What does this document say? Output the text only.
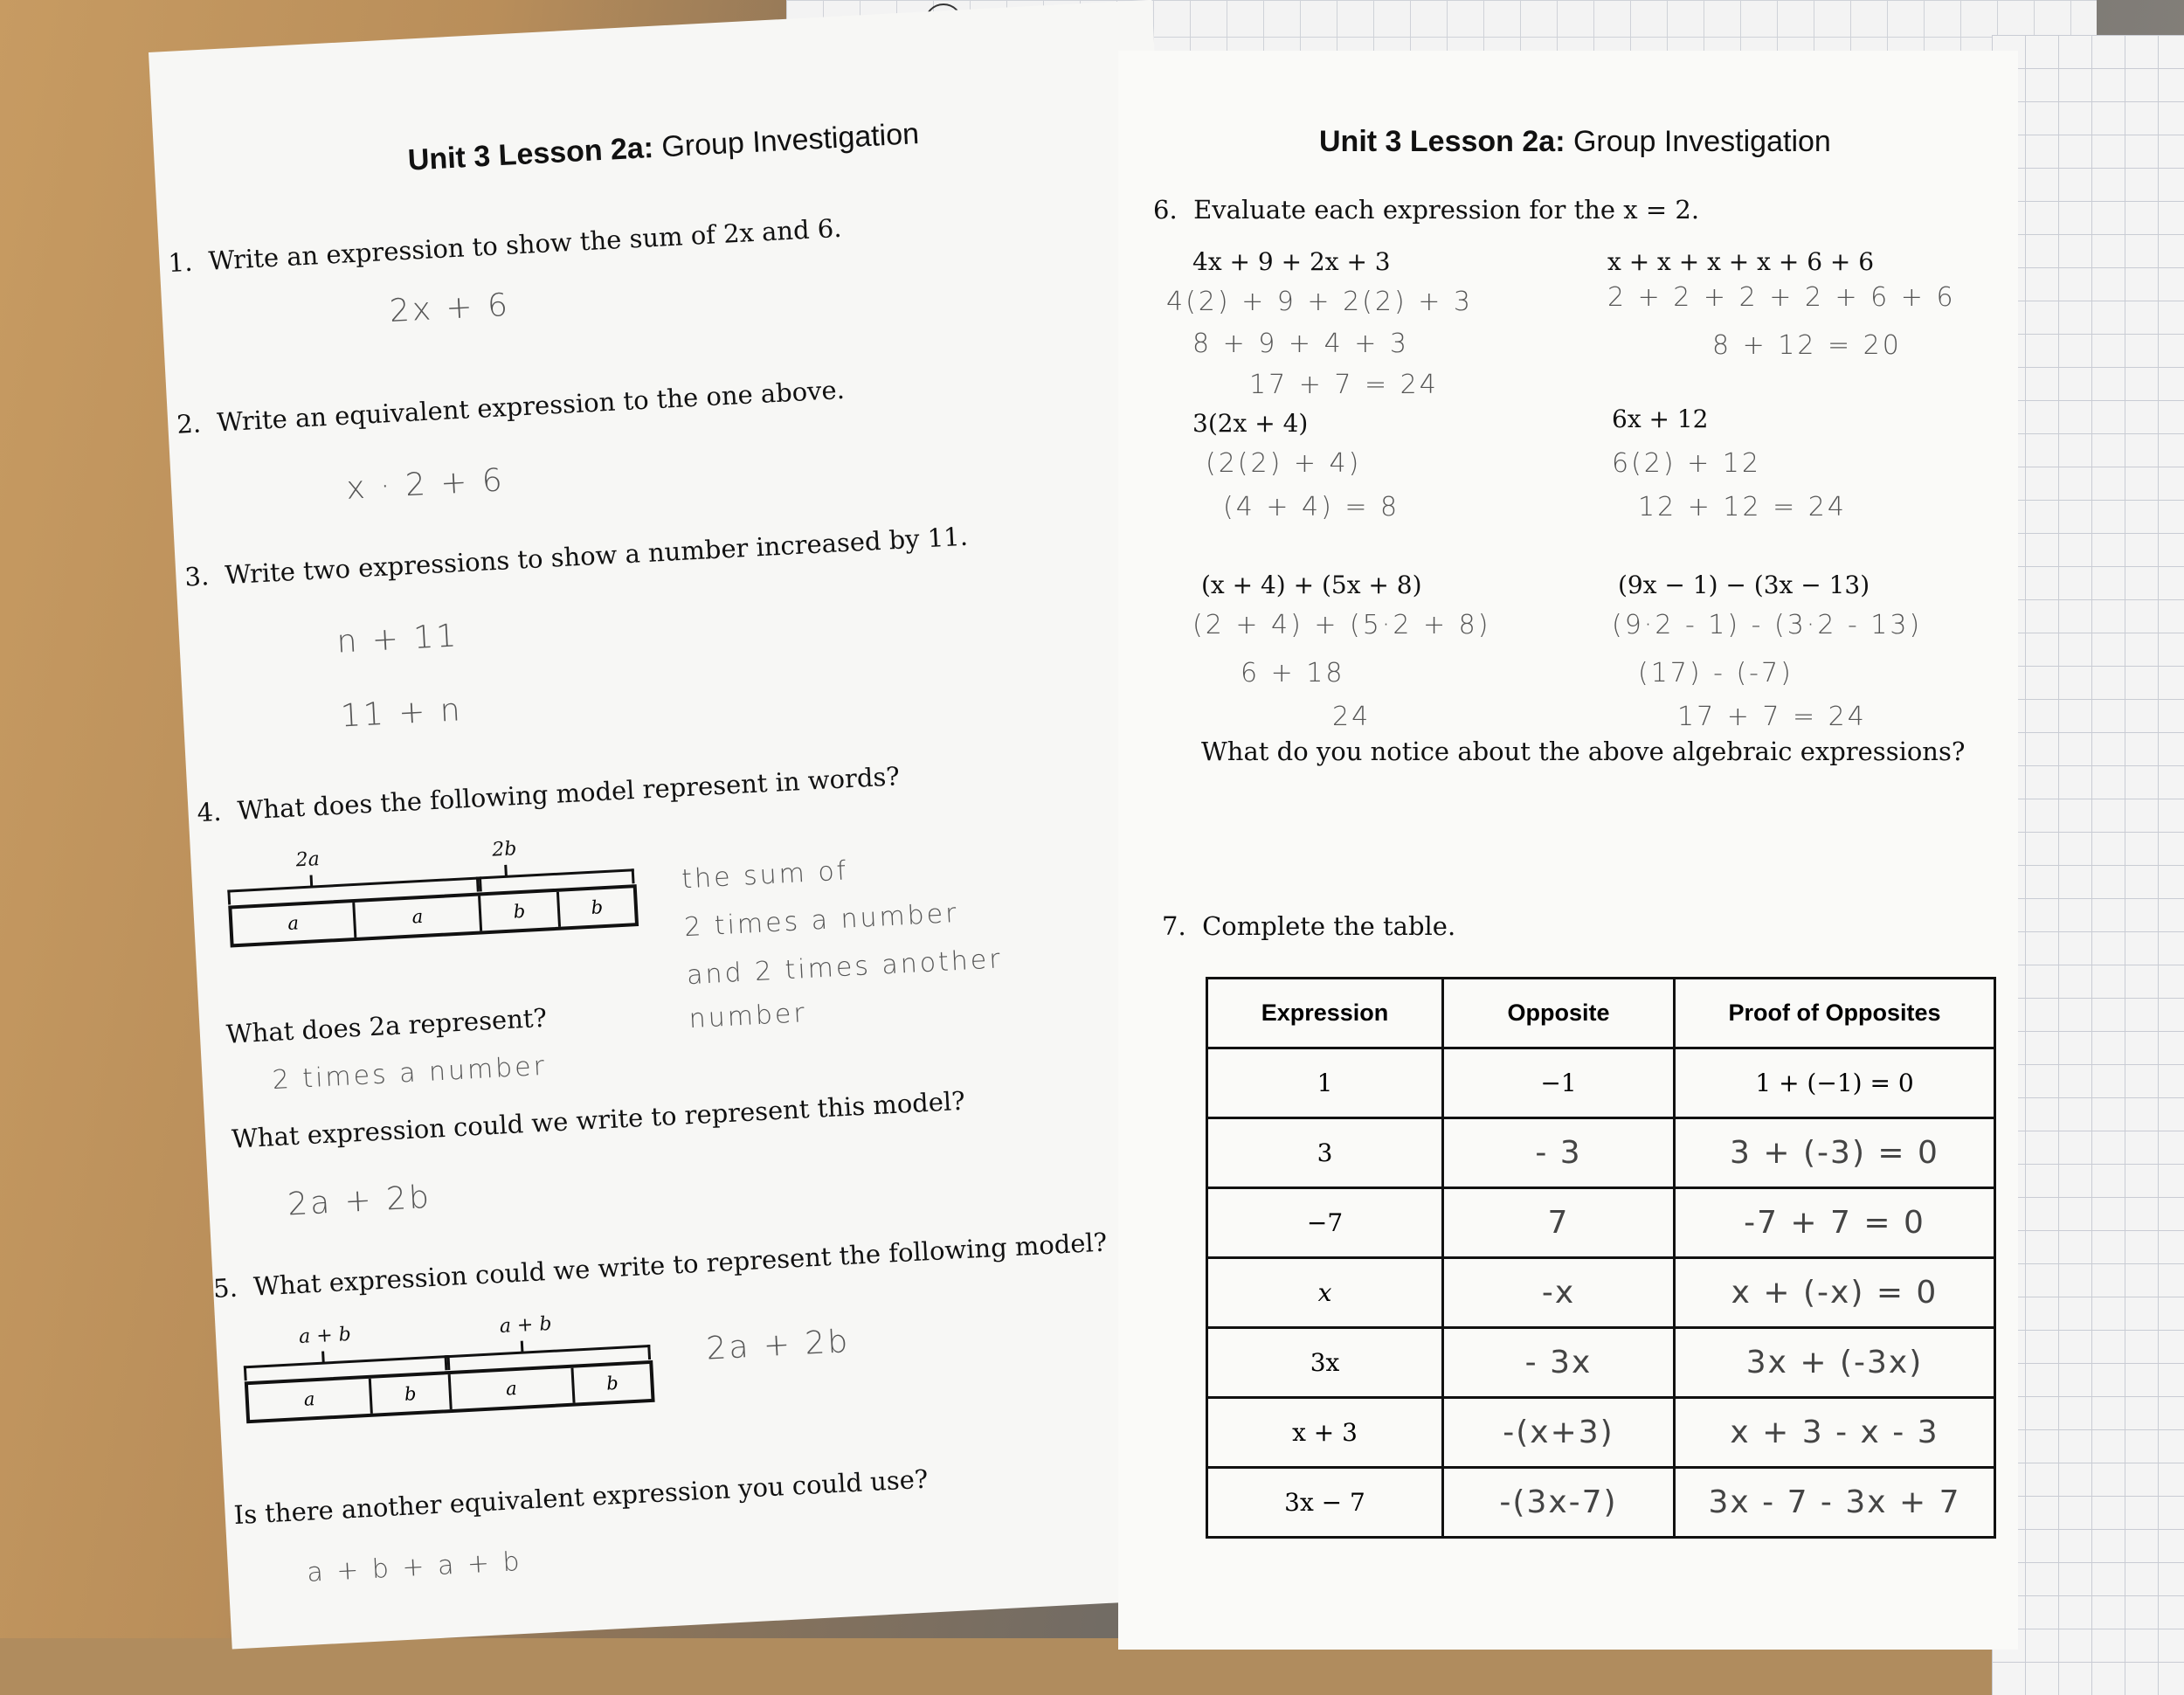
Unit 3 Lesson 2a: Group Investigation
1. Write an expression to show the sum of 2x and 6.
2x + 6
2. Write an equivalent expression to the one above.
x · 2 + 6
3. Write two expressions to show a number increased by 11.
n + 11
11 + n
4. What does the following model represent in words?
2a	2b
a	a	b	b
the sum of
2 times a number
and 2 times another
number
What does 2a represent?
2 times a number
What expression could we write to represent this model?
2a + 2b
5. What expression could we write to represent the following model?
a + b	a + b
a	b	a	b
2a + 2b
Is there another equivalent expression you could use?
a + b + a + b
Unit 3 Lesson 2a: Group Investigation
6. Evaluate each expression for the x = 2.
4x + 9 + 2x + 3
4(2) + 9 + 2(2) + 3
8 + 9 + 4 + 3
17 + 7 = 24
x + x + x + x + 6 + 6
2 + 2 + 2 + 2 + 6 + 6
8 + 12 = 20
3(2x + 4)
(2(2) + 4)
(4 + 4) = 8
6x + 12
6(2) + 12
12 + 12 = 24
(x + 4) + (5x + 8)
(2 + 4) + (5·2 + 8)
6 + 18
24
(9x − 1) − (3x − 13)
(9·2 - 1) - (3·2 - 13)
(17) - (-7)
17 + 7 = 24
What do you notice about the above algebraic expressions?
7. Complete the table.
Expression	Opposite	Proof of Opposites
1	−1	1 + (−1) = 0
3	- 3	3 + (-3) = 0
−7	7	-7 + 7 = 0
x	-x	x + (-x) = 0
3x	- 3x	3x + (-3x)
x + 3	-(x+3)	x + 3 - x - 3
3x − 7	-(3x-7)	3x - 7 - 3x + 7
